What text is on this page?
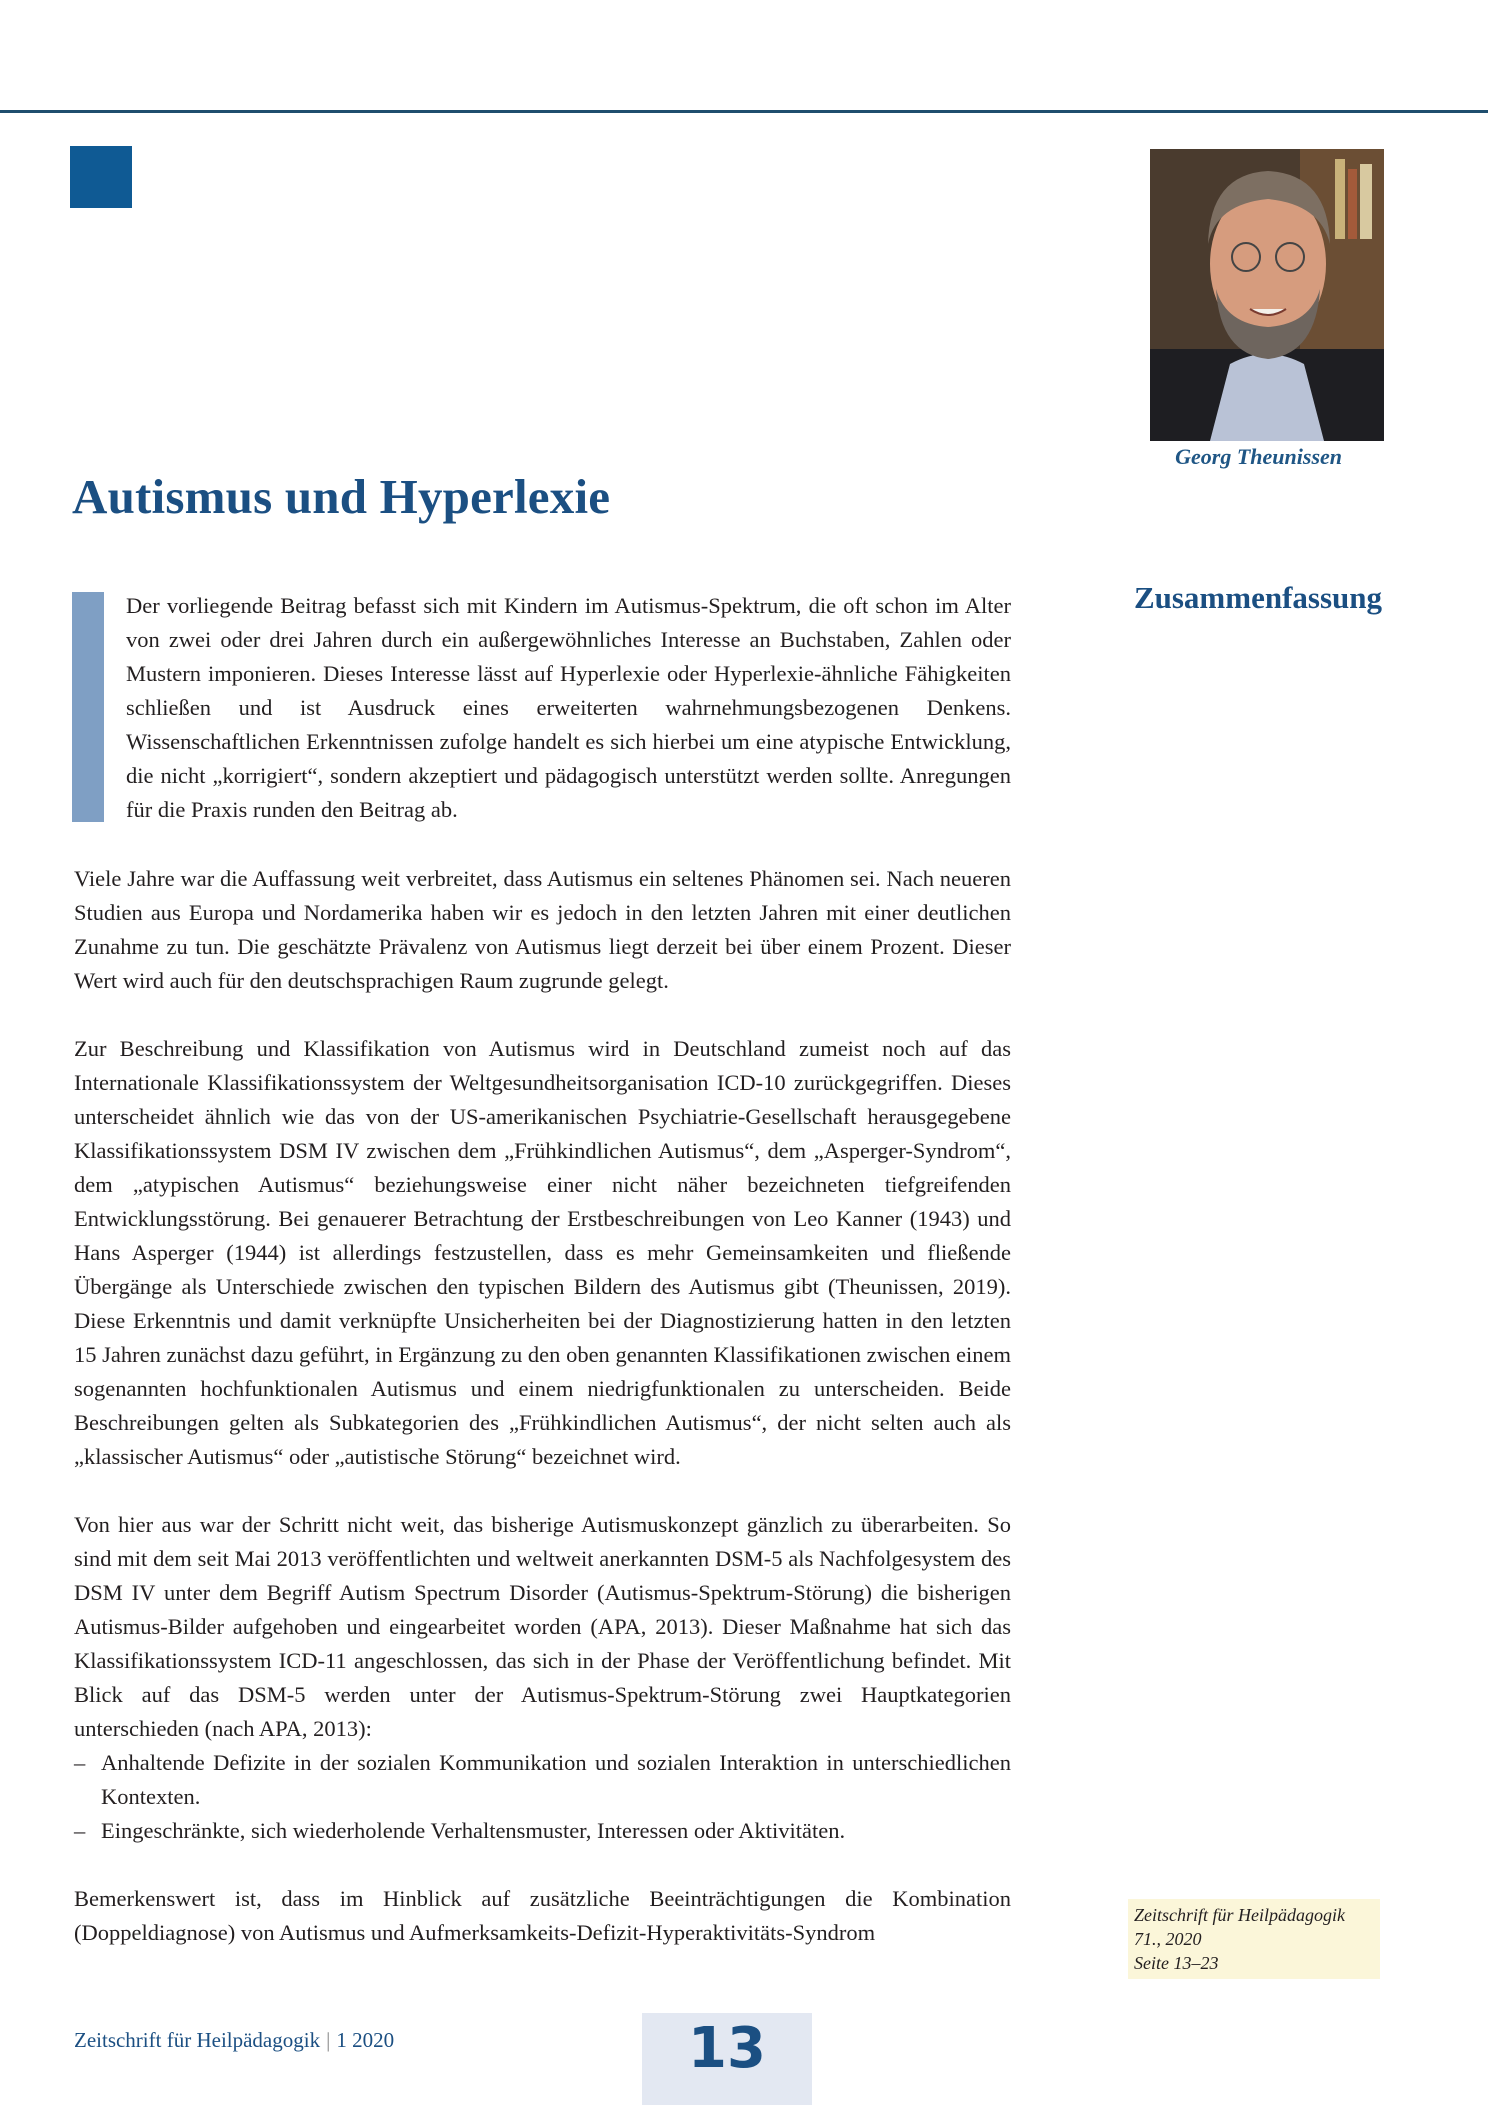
Georg Theunissen
Autismus und Hyperlexie
Zusammenfassung

Der vorliegende Beitrag befasst sich mit Kindern im Autismus-Spektrum, die oft schon im Alter von zwei oder drei Jahren durch ein außergewöhnliches Interesse an Buchstaben, Zahlen oder Mustern imponieren. Dieses Interesse lässt auf Hyperlexie oder Hyperlexie-ähnliche Fähigkeiten schließen und ist Ausdruck eines erweiterten wahrnehmungsbezogenen Denkens. Wissenschaftlichen Erkenntnissen zufolge handelt es sich hierbei um eine atypische Entwicklung, die nicht „korrigiert“, sondern akzeptiert und pädagogisch unterstützt werden sollte. Anregungen für die Praxis runden den Beitrag ab.

Viele Jahre war die Auffassung weit verbreitet, dass Autismus ein seltenes Phänomen sei. Nach neueren Studien aus Europa und Nordamerika haben wir es jedoch in den letzten Jahren mit einer deutlichen Zunahme zu tun. Die geschätzte Prävalenz von Autismus liegt derzeit bei über einem Prozent. Dieser Wert wird auch für den deutschsprachigen Raum zugrunde gelegt.

Zur Beschreibung und Klassifikation von Autismus wird in Deutschland zumeist noch auf das Internationale Klassifikationssystem der Weltgesundheitsorganisation ICD-10 zurückgegriffen. Dieses unterscheidet ähnlich wie das von der US-amerikanischen Psychiatrie-Gesellschaft herausgegebene Klassifikationssystem DSM IV zwischen dem „Frühkindlichen Autismus“, dem „Asperger-Syndrom“, dem „atypischen Autismus“ beziehungsweise einer nicht näher bezeichneten tiefgreifenden Entwicklungsstörung. Bei genauerer Betrachtung der Erstbeschreibungen von Leo Kanner (1943) und Hans Asperger (1944) ist allerdings festzustellen, dass es mehr Gemeinsamkeiten und fließende Übergänge als Unterschiede zwischen den typischen Bildern des Autismus gibt (Theunissen, 2019). Diese Erkenntnis und damit verknüpfte Unsicherheiten bei der Diagnostizierung hatten in den letzten 15 Jahren zunächst dazu geführt, in Ergänzung zu den oben genannten Klassifikationen zwischen einem sogenannten hochfunktionalen Autismus und einem niedrigfunktionalen zu unterscheiden. Beide Beschreibungen gelten als Subkategorien des „Frühkindlichen Autismus“, der nicht selten auch als „klassischer Autismus“ oder „autistische Störung“ bezeichnet wird.

Von hier aus war der Schritt nicht weit, das bisherige Autismuskonzept gänzlich zu überarbeiten. So sind mit dem seit Mai 2013 veröffentlichten und weltweit anerkannten DSM-5 als Nachfolgesystem des DSM IV unter dem Begriff Autism Spectrum Disorder (Autismus-Spektrum-Störung) die bisherigen Autismus-Bilder aufgehoben und eingearbeitet worden (APA, 2013). Dieser Maßnahme hat sich das Klassifikationssystem ICD-11 angeschlossen, das sich in der Phase der Veröffentlichung befindet. Mit Blick auf das DSM-5 werden unter der Autismus-Spektrum-Störung zwei Hauptkategorien unterschieden (nach APA, 2013):

– Anhaltende Defizite in der sozialen Kommunikation und sozialen Interaktion in unterschiedlichen Kontexten.
– Eingeschränkte, sich wiederholende Verhaltensmuster, Interessen oder Aktivitäten.

Bemerkenswert ist, dass im Hinblick auf zusätzliche Beeinträchtigungen die Kombination (Doppeldiagnose) von Autismus und Aufmerksamkeits-Defizit-Hyperaktivitäts-Syndrom

Zeitschrift für Heilpädagogik
71., 2020
Seite 13–23
Zeitschrift für Heilpädagogik | 1 2020	13
